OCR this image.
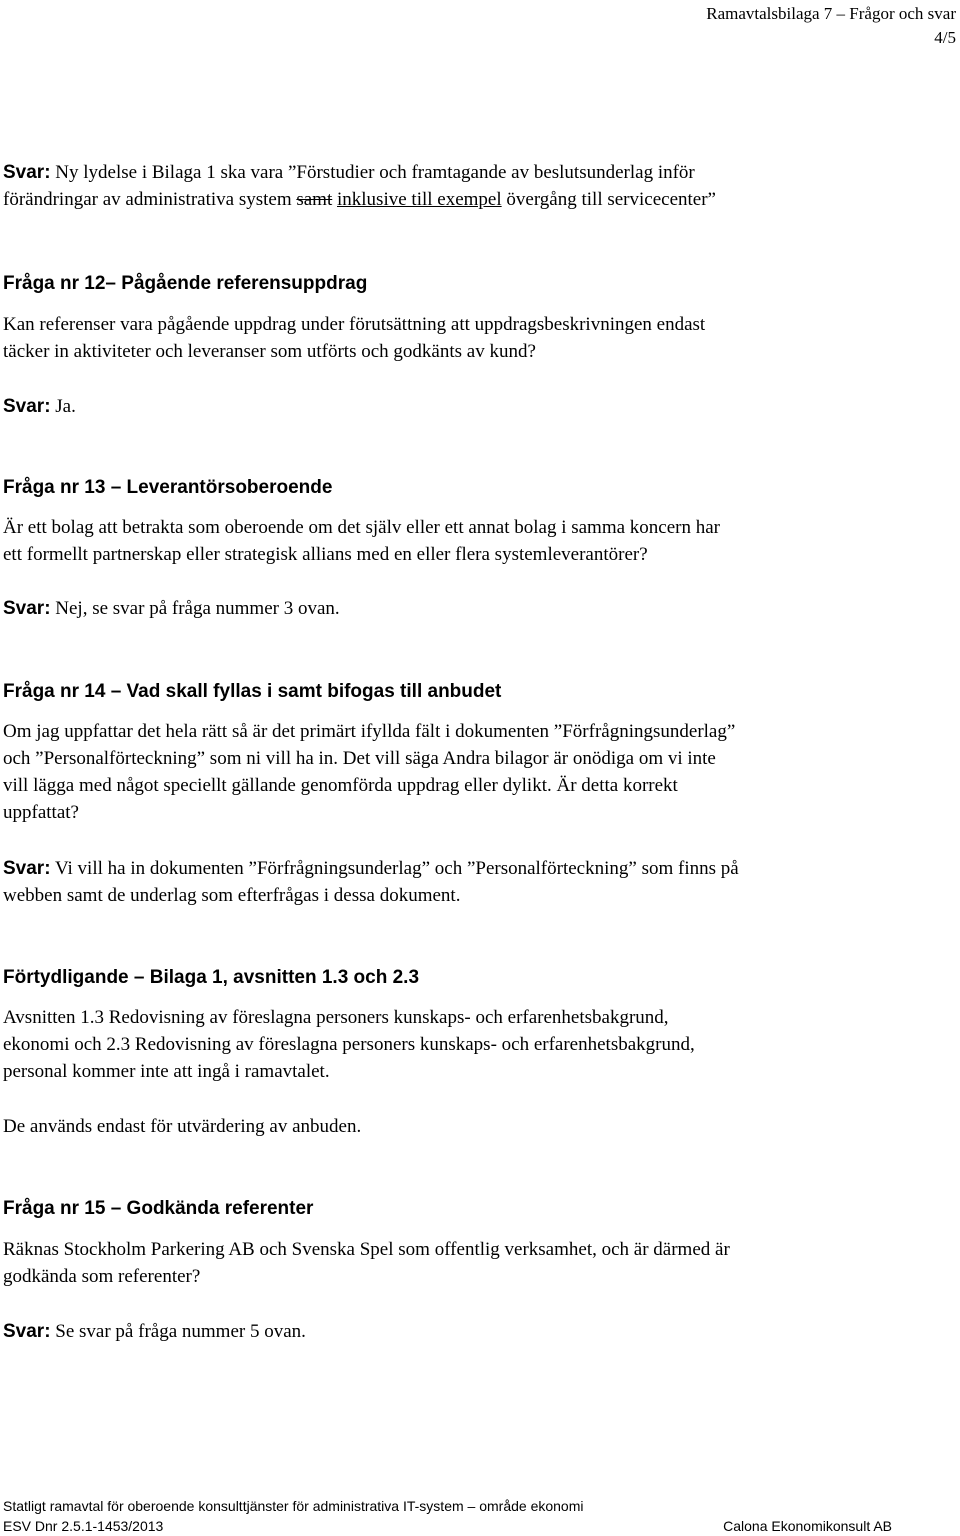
Ramavtalsbilaga 7 – Frågor och svar
4/5
Svar: Ny lydelse i Bilaga 1 ska vara ”Förstudier och framtagande av beslutsunderlag inför
förändringar av administrativa system samt inklusive till exempel övergång till servicecenter”
Fråga nr 12– Pågående referensuppdrag
Kan referenser vara pågående uppdrag under förutsättning att uppdragsbeskrivningen endast
täcker in aktiviteter och leveranser som utförts och godkänts av kund?
Svar: Ja.
Fråga nr 13 – Leverantörsoberoende
Är ett bolag att betrakta som oberoende om det själv eller ett annat bolag i samma koncern har
ett formellt partnerskap eller strategisk allians med en eller flera systemleverantörer?
Svar: Nej, se svar på fråga nummer 3 ovan.
Fråga nr 14 – Vad skall fyllas i samt bifogas till anbudet
Om jag uppfattar det hela rätt så är det primärt ifyllda fält i dokumenten ”Förfrågningsunderlag”
och ”Personalförteckning” som ni vill ha in. Det vill säga Andra bilagor är onödiga om vi inte
vill lägga med något speciellt gällande genomförda uppdrag eller dylikt. Är detta korrekt
uppfattat?
Svar: Vi vill ha in dokumenten ”Förfrågningsunderlag” och ”Personalförteckning” som finns på
webben samt de underlag som efterfrågas i dessa dokument.
Förtydligande – Bilaga 1, avsnitten 1.3 och 2.3
Avsnitten 1.3 Redovisning av föreslagna personers kunskaps- och erfarenhetsbakgrund,
ekonomi och 2.3 Redovisning av föreslagna personers kunskaps- och erfarenhetsbakgrund,
personal kommer inte att ingå i ramavtalet.
De används endast för utvärdering av anbuden.
Fråga nr 15 – Godkända referenter
Räknas Stockholm Parkering AB och Svenska Spel som offentlig verksamhet, och är därmed är
godkända som referenter?
Svar: Se svar på fråga nummer 5 ovan.
Statligt ramavtal för oberoende konsulttjänster för administrativa IT-system – område ekonomi
ESV Dnr 2.5.1-1453/2013	Calona Ekonomikonsult AB
